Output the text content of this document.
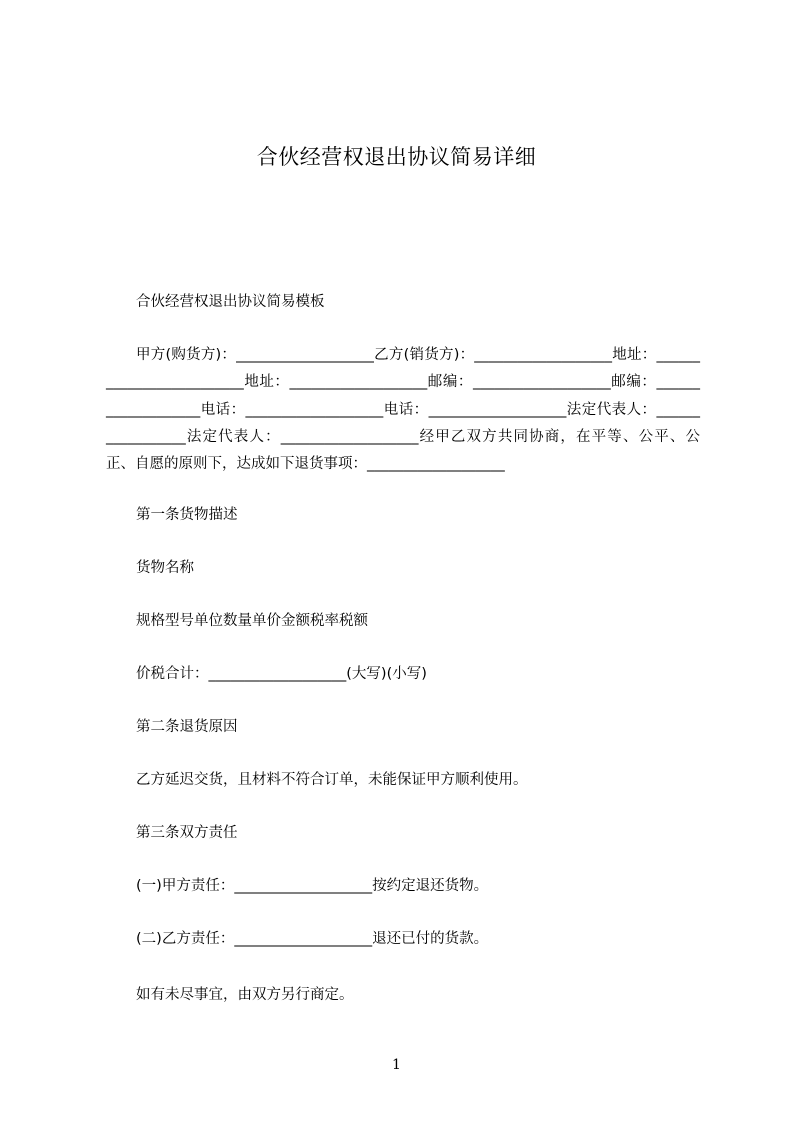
合伙经营权退出协议简易详细
合伙经营权退出协议简易模板
甲方(购货方)：___________________乙方(销货方)：___________________地址：_________________________地址：___________________邮编：___________________邮编：___________________电话：___________________电话：___________________法定代表人：_________________法定代表人：___________________经甲乙双方共同协商，在平等、公平、公正、自愿的原则下，达成如下退货事项：___________________
第一条货物描述
货物名称
规格型号单位数量单价金额税率税额
价税合计：___________________(大写)(小写)
第二条退货原因
乙方延迟交货，且材料不符合订单，未能保证甲方顺利使用。
第三条双方责任
(一)甲方责任：___________________按约定退还货物。
(二)乙方责任：___________________退还已付的货款。
如有未尽事宜，由双方另行商定。
1
